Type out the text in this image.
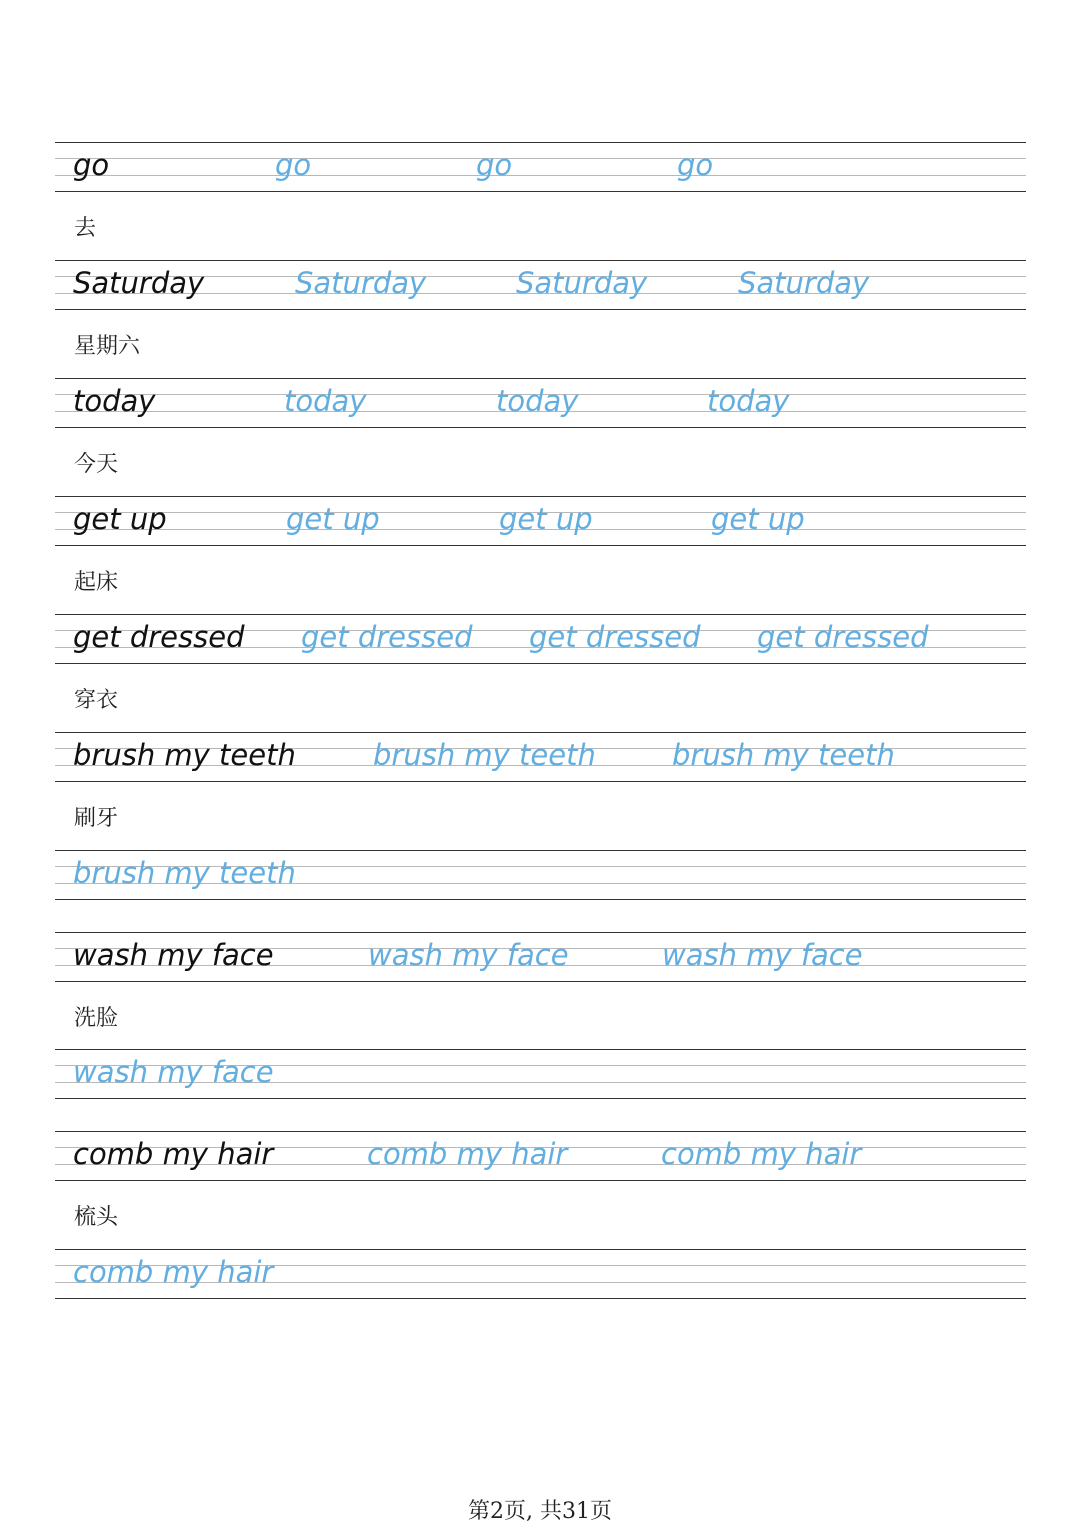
go	go	go	go
去
Saturday	Saturday	Saturday	Saturday
星期六
today	today	today	today
今天
get up	get up	get up	get up
起床
get dressed get dressed get dressed get dressed
穿衣
brush my teeth	brush my teeth	brush my teeth
刷牙
brush my teeth
wash my face	wash my face	wash my face
洗脸
wash my face
comb my hair	comb my hair	comb my hair
梳头
comb my hair
第2页, 共31页
